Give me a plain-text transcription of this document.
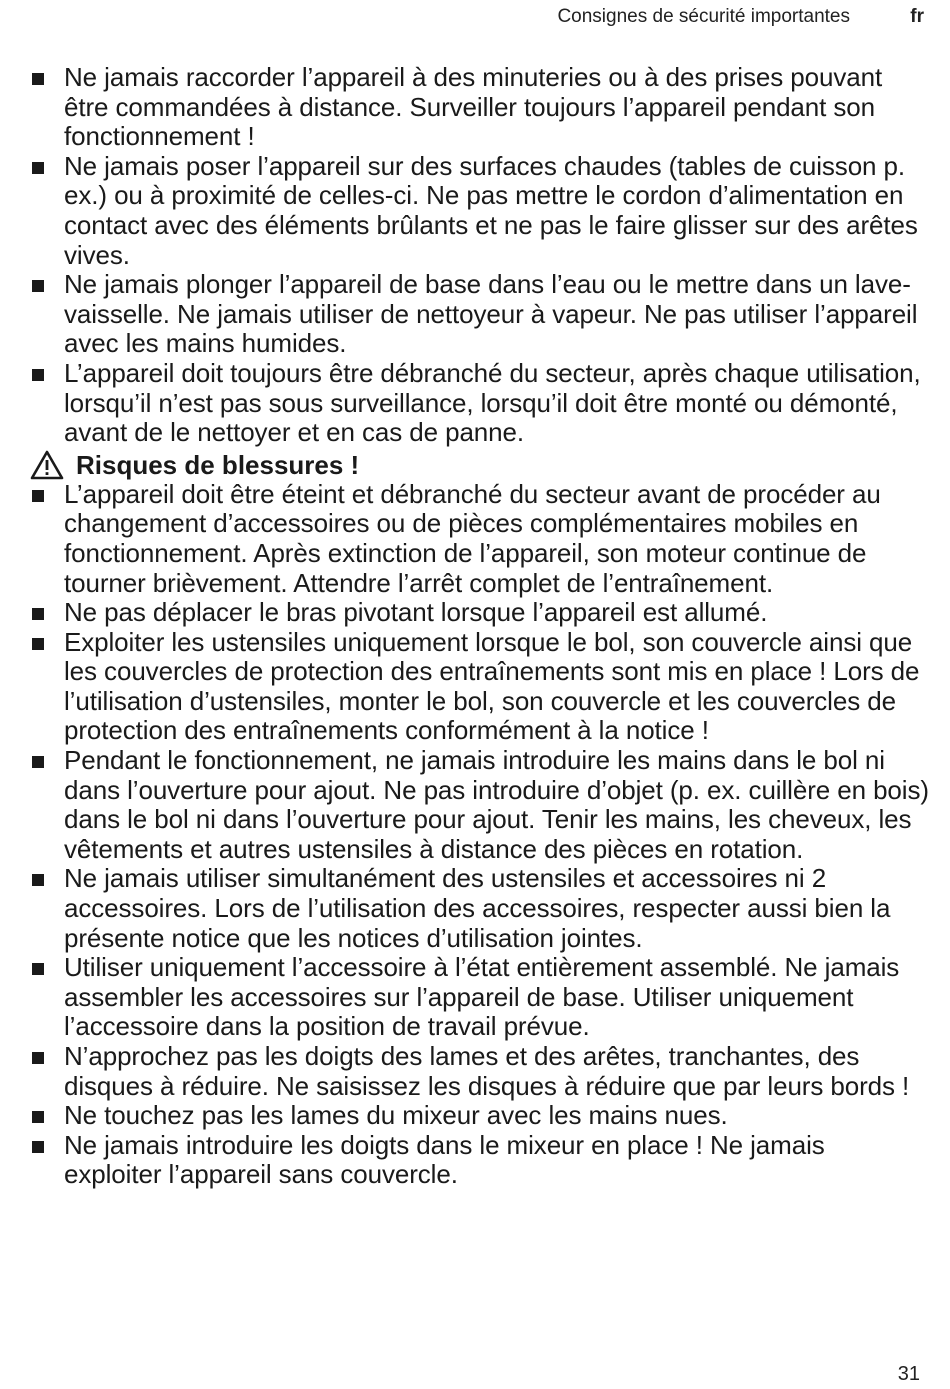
Consignes de sécurité importantes	fr
Ne jamais raccorder l’appareil à des minuteries ou à des prises pouvant être commandées à distance. Surveiller toujours l’appareil pendant son fonctionnement !
Ne jamais poser l’appareil sur des surfaces chaudes (tables de cuisson p. ex.) ou à proximité de celles-ci. Ne pas mettre le cordon d’alimentation en contact avec des éléments brûlants et ne pas le faire glisser sur des arêtes vives.
Ne jamais plonger l’appareil de base dans l’eau ou le mettre dans un lave-vaisselle. Ne jamais utiliser de nettoyeur à vapeur. Ne pas utiliser l’appareil avec les mains humides.
L’appareil doit toujours être débranché du secteur, après chaque utilisation, lorsqu’il n’est pas sous surveillance, lorsqu’il doit être monté ou démonté, avant de le nettoyer et en cas de panne.
Risques de blessures !
L’appareil doit être éteint et débranché du secteur avant de procéder au changement d’accessoires ou de pièces complémentaires mobiles en fonctionnement. Après extinction de l’appareil, son moteur continue de tourner brièvement. Attendre l’arrêt complet de l’entraînement.
Ne pas déplacer le bras pivotant lorsque l’appareil est allumé.
Exploiter les ustensiles uniquement lorsque le bol, son couvercle ainsi que les couvercles de protection des entraînements sont mis en place ! Lors de l’utilisation d’ustensiles, monter le bol, son couvercle et les couvercles de protection des entraînements conformément à la notice !
Pendant le fonctionnement, ne jamais introduire les mains dans le bol ni dans l’ouverture pour ajout. Ne pas introduire d’objet (p. ex. cuillère en bois) dans le bol ni dans l’ouverture pour ajout. Tenir les mains, les cheveux, les vêtements et autres ustensiles à distance des pièces en rotation.
Ne jamais utiliser simultanément des ustensiles et accessoires ni 2 accessoires. Lors de l’utilisation des accessoires, respecter aussi bien la présente notice que les notices d’utilisation jointes.
Utiliser uniquement l’accessoire à l’état entièrement assemblé. Ne jamais assembler les accessoires sur l’appareil de base. Utiliser uniquement l’accessoire dans la position de travail prévue.
N’approchez pas les doigts des lames et des arêtes, tranchantes, des disques à réduire. Ne saisissez les disques à réduire que par leurs bords !
Ne touchez pas les lames du mixeur avec les mains nues.
Ne jamais introduire les doigts dans le mixeur en place ! Ne jamais exploiter l’appareil sans couvercle.
31
